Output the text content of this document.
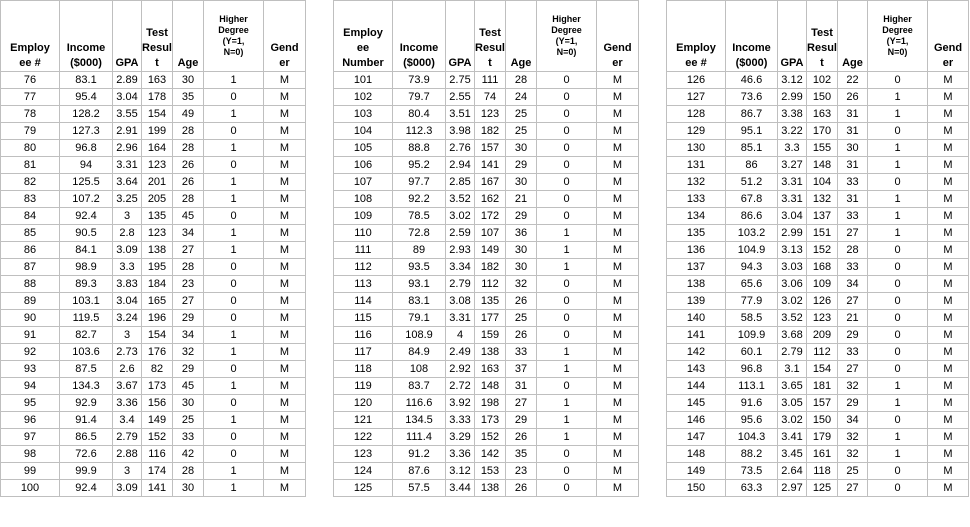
Employ
ee #	Income
($000)	GPA	Test
Resul
t	Age	Higher
Degree
(Y=1,
N=0)	Gend
er
76	83.1	2.89	163	30	1	M
77	95.4	3.04	178	35	0	M
78	128.2	3.55	154	49	1	M
79	127.3	2.91	199	28	0	M
80	96.8	2.96	164	28	1	M
81	94	3.31	123	26	0	M
82	125.5	3.64	201	26	1	M
83	107.2	3.25	205	28	1	M
84	92.4	3	135	45	0	M
85	90.5	2.8	123	34	1	M
86	84.1	3.09	138	27	1	M
87	98.9	3.3	195	28	0	M
88	89.3	3.83	184	23	0	M
89	103.1	3.04	165	27	0	M
90	119.5	3.24	196	29	0	M
91	82.7	3	154	34	1	M
92	103.6	2.73	176	32	1	M
93	87.5	2.6	82	29	0	M
94	134.3	3.67	173	45	1	M
95	92.9	3.36	156	30	0	M
96	91.4	3.4	149	25	1	M
97	86.5	2.79	152	33	0	M
98	72.6	2.88	116	42	0	M
99	99.9	3	174	28	1	M
100	92.4	3.09	141	30	1	M
Employ
ee
Number	Income
($000)	GPA	Test
Resul
t	Age	Higher
Degree
(Y=1,
N=0)	Gend
er
101	73.9	2.75	111	28	0	M
102	79.7	2.55	74	24	0	M
103	80.4	3.51	123	25	0	M
104	112.3	3.98	182	25	0	M
105	88.8	2.76	157	30	0	M
106	95.2	2.94	141	29	0	M
107	97.7	2.85	167	30	0	M
108	92.2	3.52	162	21	0	M
109	78.5	3.02	172	29	0	M
110	72.8	2.59	107	36	1	M
111	89	2.93	149	30	1	M
112	93.5	3.34	182	30	1	M
113	93.1	2.79	112	32	0	M
114	83.1	3.08	135	26	0	M
115	79.1	3.31	177	25	0	M
116	108.9	4	159	26	0	M
117	84.9	2.49	138	33	1	M
118	108	2.92	163	37	1	M
119	83.7	2.72	148	31	0	M
120	116.6	3.92	198	27	1	M
121	134.5	3.33	173	29	1	M
122	111.4	3.29	152	26	1	M
123	91.2	3.36	142	35	0	M
124	87.6	3.12	153	23	0	M
125	57.5	3.44	138	26	0	M
Employ
ee #	Income
($000)	GPA	Test
Resul
t	Age	Higher
Degree
(Y=1,
N=0)	Gend
er
126	46.6	3.12	102	22	0	M
127	73.6	2.99	150	26	1	M
128	86.7	3.38	163	31	1	M
129	95.1	3.22	170	31	0	M
130	85.1	3.3	155	30	1	M
131	86	3.27	148	31	1	M
132	51.2	3.31	104	33	0	M
133	67.8	3.31	132	31	1	M
134	86.6	3.04	137	33	1	M
135	103.2	2.99	151	27	1	M
136	104.9	3.13	152	28	0	M
137	94.3	3.03	168	33	0	M
138	65.6	3.06	109	34	0	M
139	77.9	3.02	126	27	0	M
140	58.5	3.52	123	21	0	M
141	109.9	3.68	209	29	0	M
142	60.1	2.79	112	33	0	M
143	96.8	3.1	154	27	0	M
144	113.1	3.65	181	32	1	M
145	91.6	3.05	157	29	1	M
146	95.6	3.02	150	34	0	M
147	104.3	3.41	179	32	1	M
148	88.2	3.45	161	32	1	M
149	73.5	2.64	118	25	0	M
150	63.3	2.97	125	27	0	M
